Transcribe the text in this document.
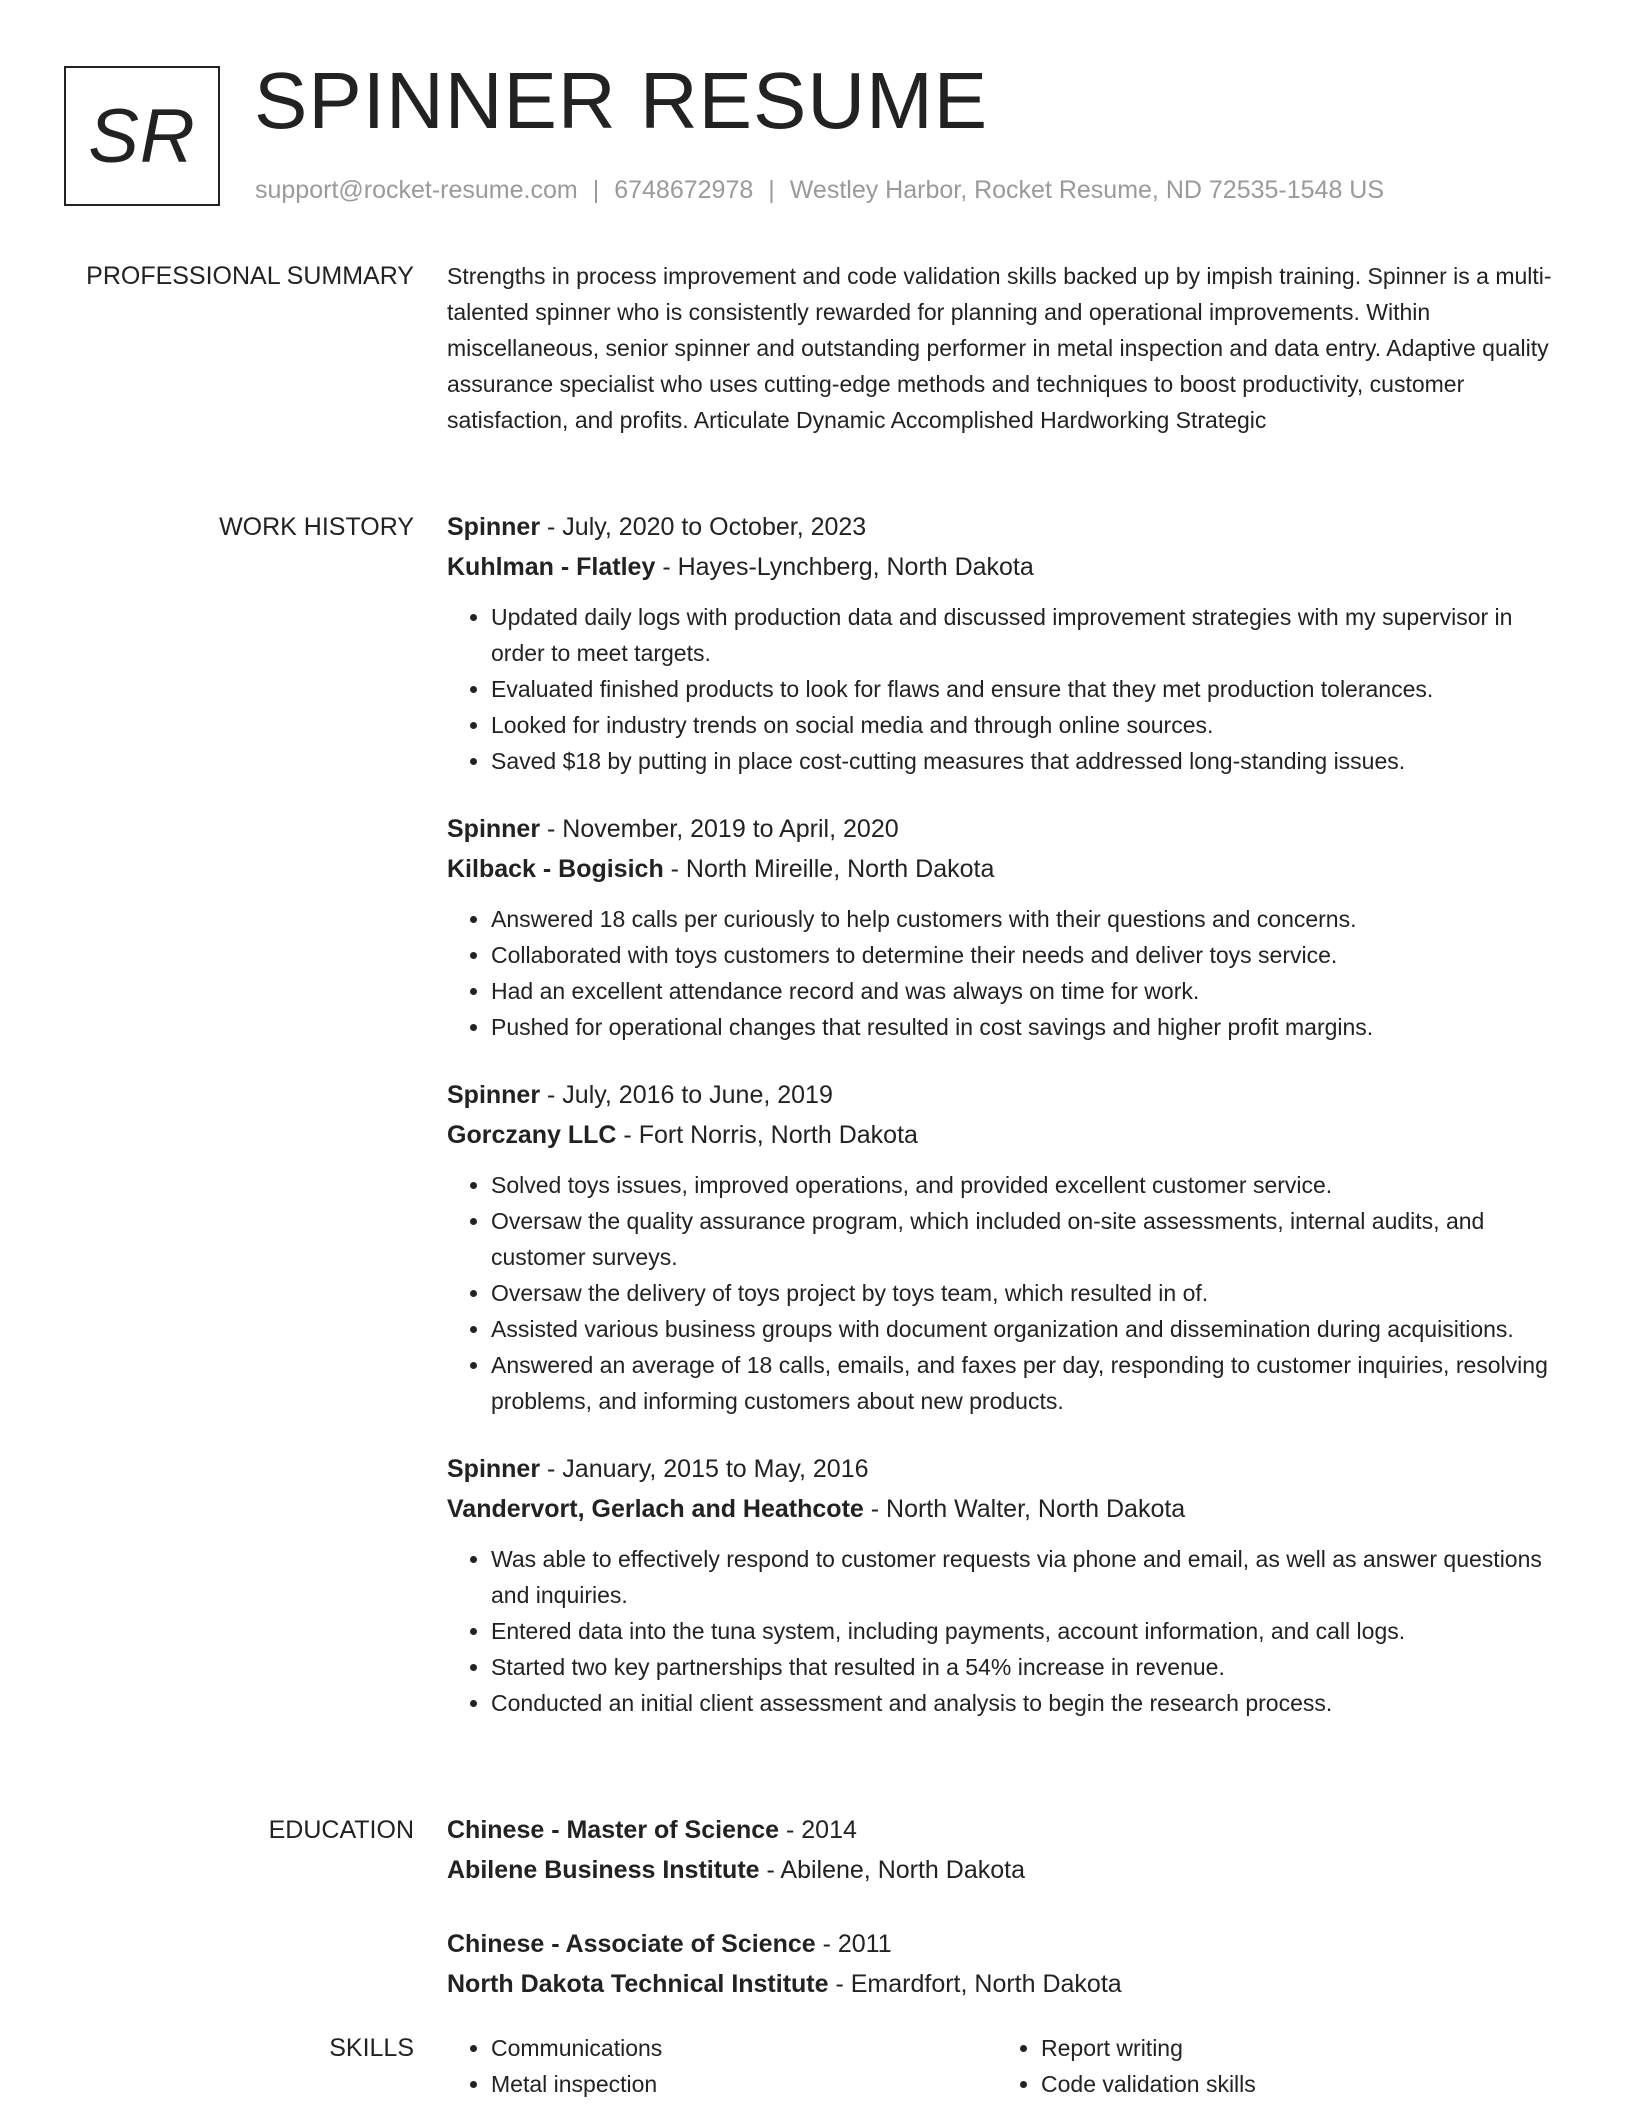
SR SPINNER RESUME
support@rocket-resume.com | 6748672978 | Westley Harbor, Rocket Resume, ND 72535-1548 US
PROFESSIONAL SUMMARY Strengths in process improvement and code validation skills backed up by impish training. Spinner is a multi-talented spinner who is consistently rewarded for planning and operational improvements. Within miscellaneous, senior spinner and outstanding performer in metal inspection and data entry. Adaptive quality assurance specialist who uses cutting-edge methods and techniques to boost productivity, customer satisfaction, and profits. Articulate Dynamic Accomplished Hardworking Strategic

WORK HISTORY Spinner - July, 2020 to October, 2023
Kuhlman - Flatley - Hayes-Lynchberg, North Dakota
• Updated daily logs with production data and discussed improvement strategies with my supervisor in order to meet targets.
• Evaluated finished products to look for flaws and ensure that they met production tolerances.
• Looked for industry trends on social media and through online sources.
• Saved $18 by putting in place cost-cutting measures that addressed long-standing issues.
Spinner - November, 2019 to April, 2020
Kilback - Bogisich - North Mireille, North Dakota
• Answered 18 calls per curiously to help customers with their questions and concerns.
• Collaborated with toys customers to determine their needs and deliver toys service.
• Had an excellent attendance record and was always on time for work.
• Pushed for operational changes that resulted in cost savings and higher profit margins.
Spinner - July, 2016 to June, 2019
Gorczany LLC - Fort Norris, North Dakota
• Solved toys issues, improved operations, and provided excellent customer service.
• Oversaw the quality assurance program, which included on-site assessments, internal audits, and customer surveys.
• Oversaw the delivery of toys project by toys team, which resulted in of.
• Assisted various business groups with document organization and dissemination during acquisitions.
• Answered an average of 18 calls, emails, and faxes per day, responding to customer inquiries, resolving problems, and informing customers about new products.
Spinner - January, 2015 to May, 2016
Vandervort, Gerlach and Heathcote - North Walter, North Dakota
• Was able to effectively respond to customer requests via phone and email, as well as answer questions and inquiries.
• Entered data into the tuna system, including payments, account information, and call logs.
• Started two key partnerships that resulted in a 54% increase in revenue.
• Conducted an initial client assessment and analysis to begin the research process.
EDUCATION Chinese - Master of Science - 2014
Abilene Business Institute - Abilene, North Dakota
Chinese - Associate of Science - 2011
North Dakota Technical Institute - Emardfort, North Dakota
SKILLS
•	Communications
• Metal inspection
• Report writing
• Code validation skills
